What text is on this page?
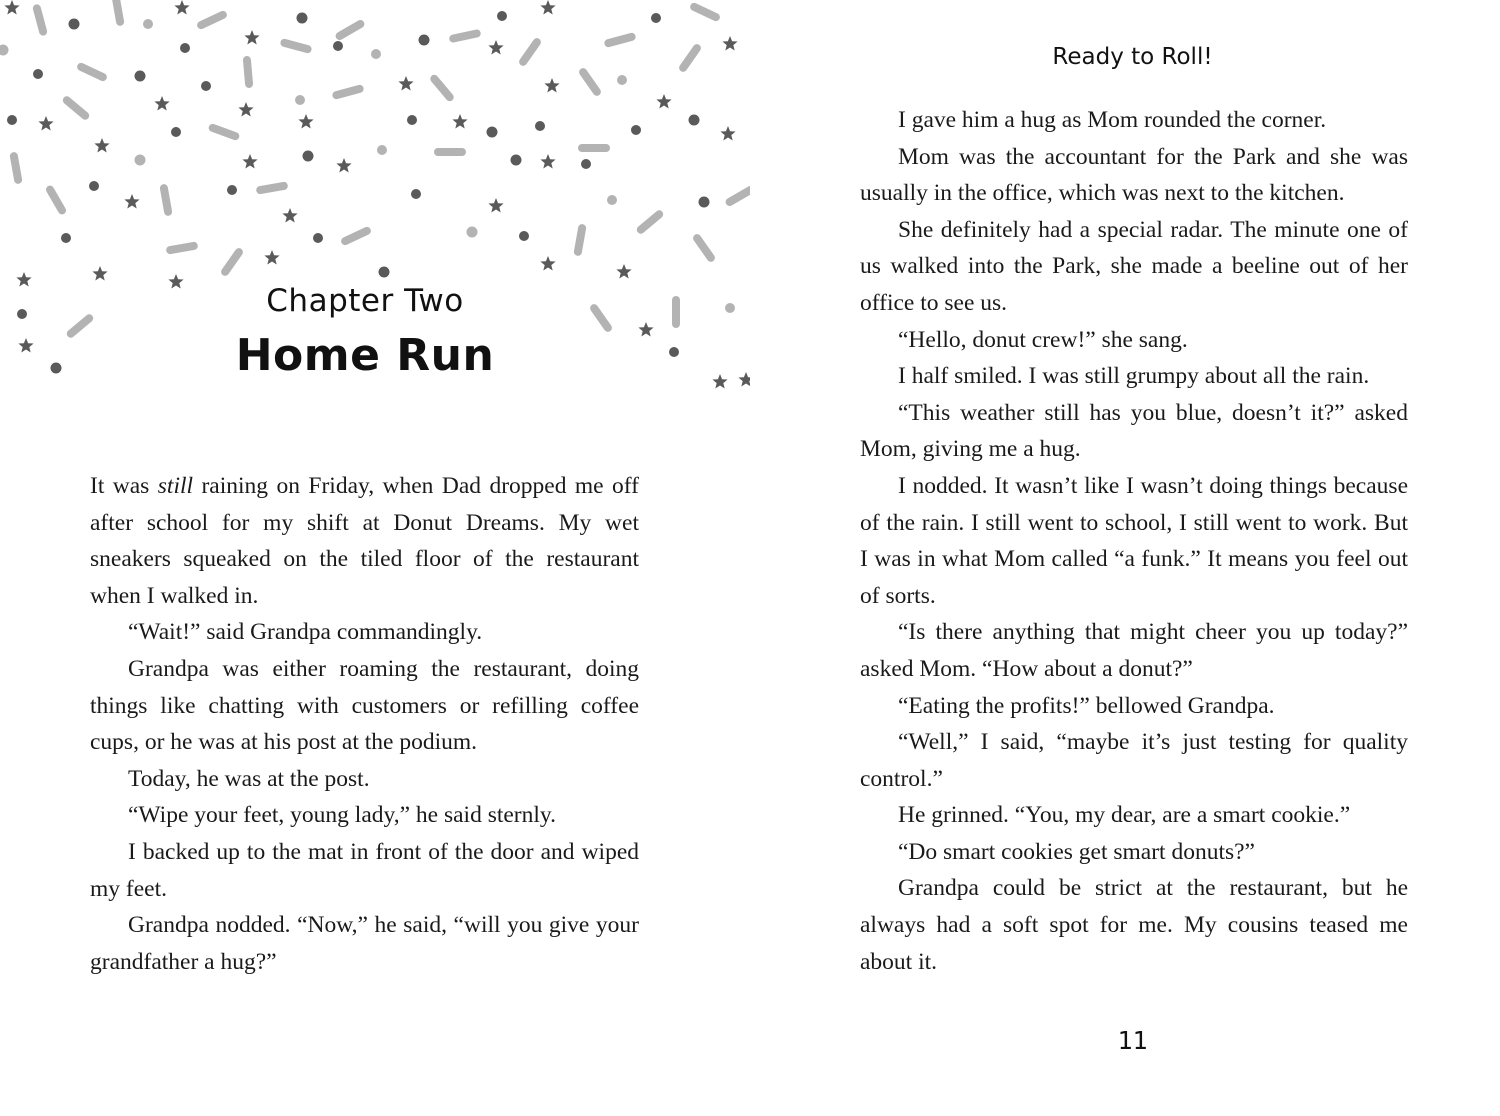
Chapter Two
Home Run

It was still raining on Friday, when Dad dropped me off after school for my shift at Donut Dreams. My wet sneakers squeaked on the tiled floor of the restaurant when I walked in.

“Wait!” said Grandpa commandingly.

Grandpa was either roaming the restaurant, doing things like chatting with customers or refilling coffee cups, or he was at his post at the podium.

Today, he was at the post.

“Wipe your feet, young lady,” he said sternly.

I backed up to the mat in front of the door and wiped my feet.

Grandpa nodded. “Now,” he said, “will you give your grandfather a hug?”

Ready to Roll!

I gave him a hug as Mom rounded the corner.

Mom was the accountant for the Park and she was usually in the office, which was next to the kitchen.

She definitely had a special radar. The minute one of us walked into the Park, she made a beeline out of her office to see us.

“Hello, donut crew!” she sang.

I half smiled. I was still grumpy about all the rain.

“This weather still has you blue, doesn’t it?” asked Mom, giving me a hug.

I nodded. It wasn’t like I wasn’t doing things because of the rain. I still went to school, I still went to work. But I was in what Mom called “a funk.” It means you feel out of sorts.

“Is there anything that might cheer you up today?” asked Mom. “How about a donut?”

“Eating the profits!” bellowed Grandpa.

“Well,” I said, “maybe it’s just testing for quality control.”

He grinned. “You, my dear, are a smart cookie.”

“Do smart cookies get smart donuts?”

Grandpa could be strict at the restaurant, but he always had a soft spot for me. My cousins teased me about it.

11
